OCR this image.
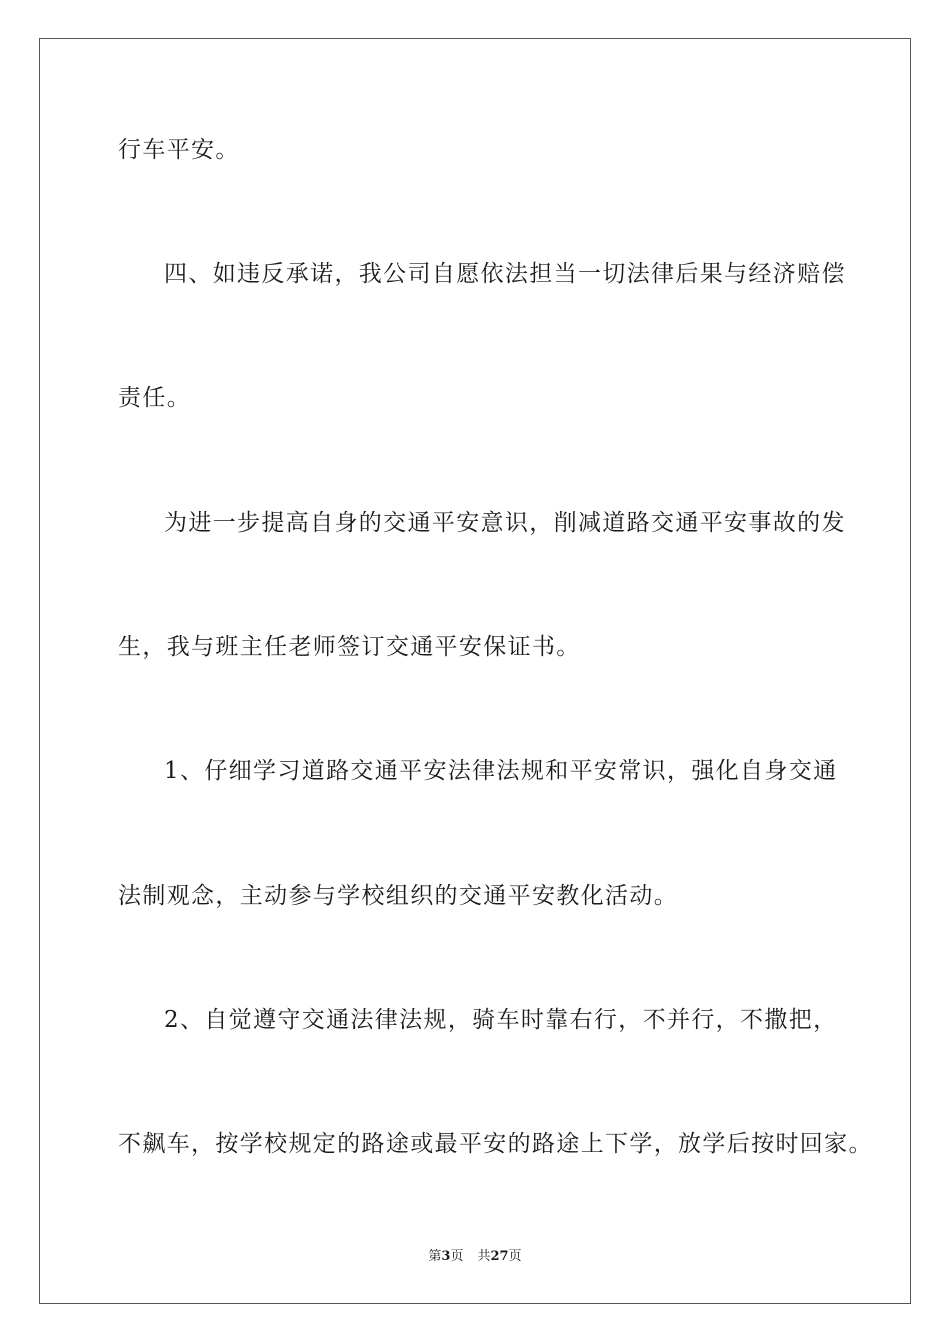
行车平安。
四、如违反承诺，我公司自愿依法担当一切法律后果与经济赔偿
责任。
为进一步提高自身的交通平安意识，削减道路交通平安事故的发
生，我与班主任老师签订交通平安保证书。
1、仔细学习道路交通平安法律法规和平安常识，强化自身交通
法制观念，主动参与学校组织的交通平安教化活动。
2、自觉遵守交通法律法规，骑车时靠右行，不并行，不撒把，
不飙车，按学校规定的路途或最平安的路途上下学，放学后按时回家。
第3页 共27页
